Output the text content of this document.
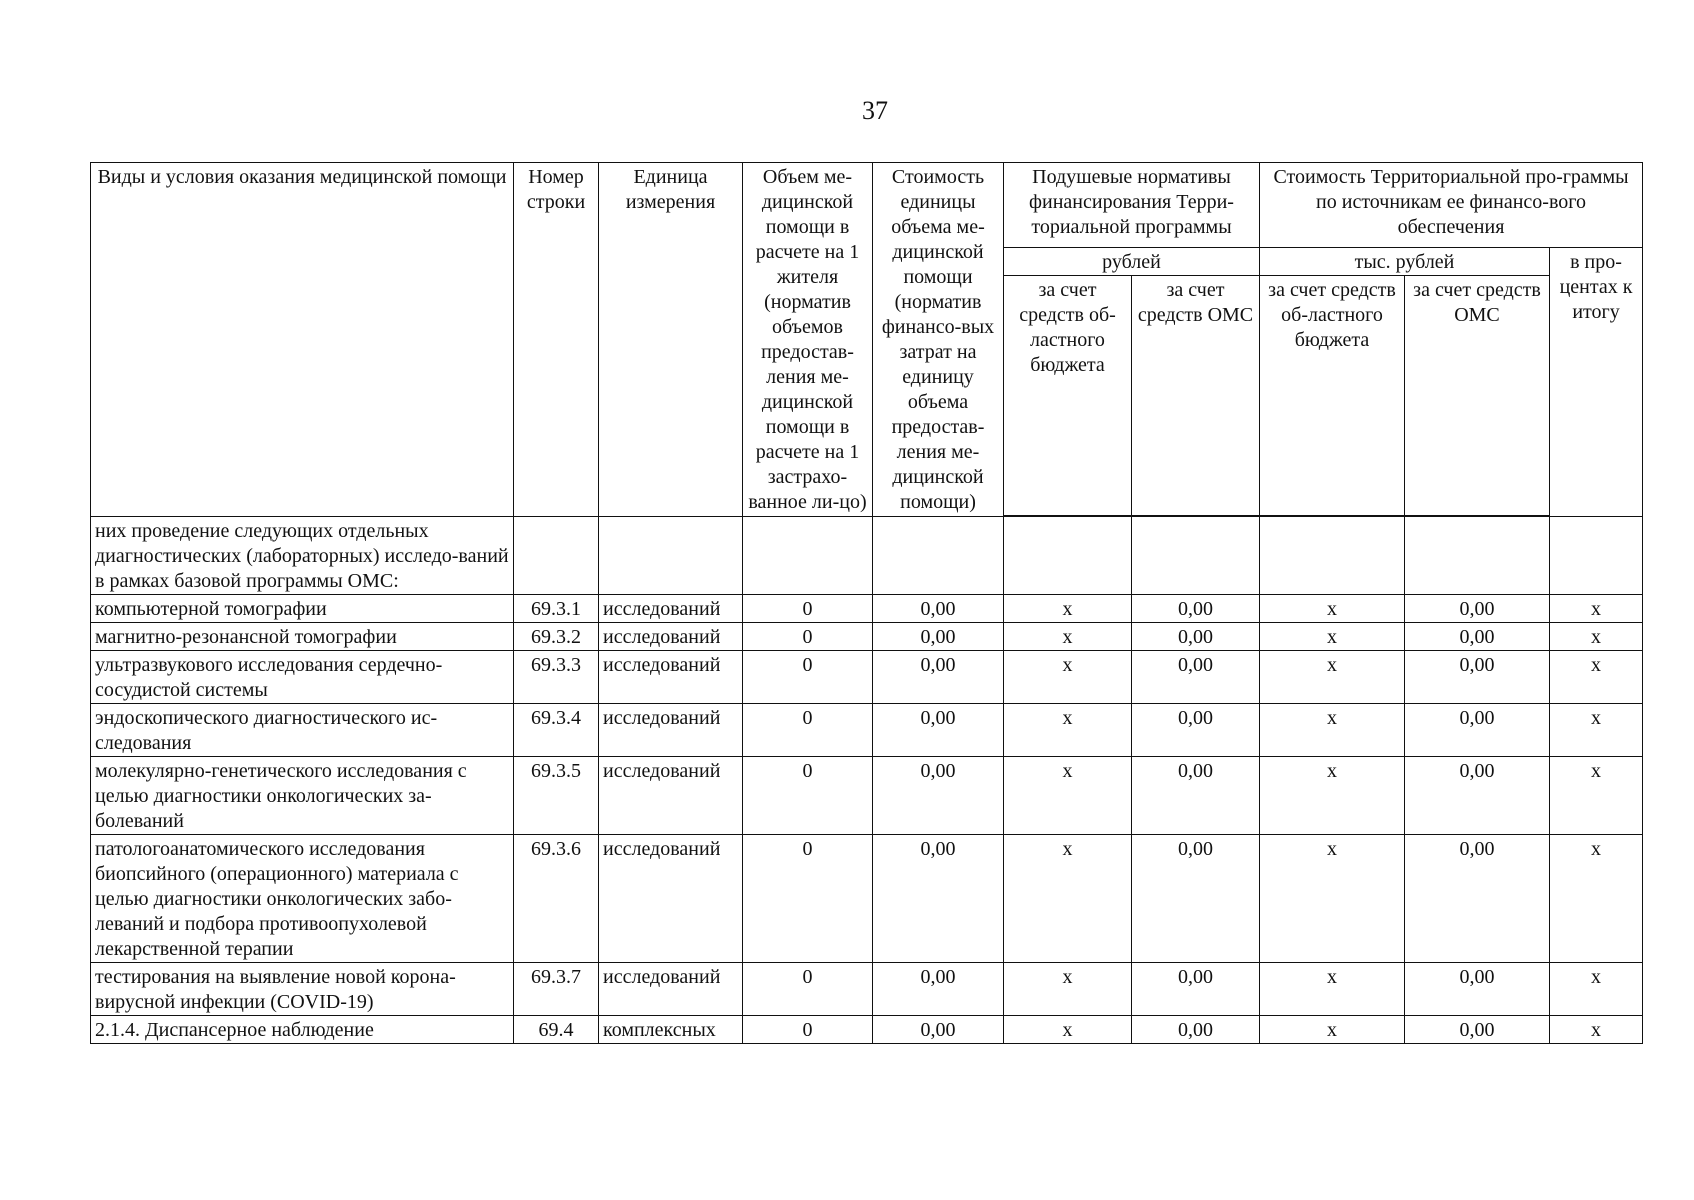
37
Виды и условия оказания медицинской помощи	Номер строки	Единица измерения	Объем ме-дицинской помощи в расчете на 1 жителя (норматив объемов предостав-ления ме-дицинской помощи в расчете на 1 застрахо-ванное ли-цо)	Стоимость единицы объема ме-дицинской помощи (норматив финансо-вых затрат на единицу объема предостав-ления ме-дицинской помощи)	Подушевые нормативы финансирования Терри-ториальной программы		Стоимость Территориальной про-граммы по источникам ее финансо-вого обеспечения		
					рублей		тыс. рублей		в про-центах к итогу
					за счет средств об-ластного бюджета	за счет средств ОМС	за счет средств об-ластного бюджета	за счет средств ОМС	

них проведение следующих отдельных диагностических (лабораторных) исследо-ваний в рамках базовой программы ОМС:									
компьютерной томографии	69.3.1	исследований	0	0,00	х	0,00	х	0,00	х
магнитно-резонансной томографии	69.3.2	исследований	0	0,00	х	0,00	х	0,00	х
ультразвукового исследования сердечно-сосудистой системы	69.3.3	исследований	0	0,00	х	0,00	х	0,00	х
эндоскопического диагностического ис-следования	69.3.4	исследований	0	0,00	х	0,00	х	0,00	х
молекулярно-генетического исследования с целью диагностики онкологических за-болеваний	69.3.5	исследований	0	0,00	х	0,00	х	0,00	х
патологоанатомического исследования биопсийного (операционного) материала с целью диагностики онкологических забо-леваний и подбора противоопухолевой лекарственной терапии	69.3.6	исследований	0	0,00	х	0,00	х	0,00	х
тестирования на выявление новой корона-вирусной инфекции (COVID-19)	69.3.7	исследований	0	0,00	х	0,00	х	0,00	х
2.1.4. Диспансерное наблюдение	69.4	комплексных	0	0,00	х	0,00	х	0,00	х
